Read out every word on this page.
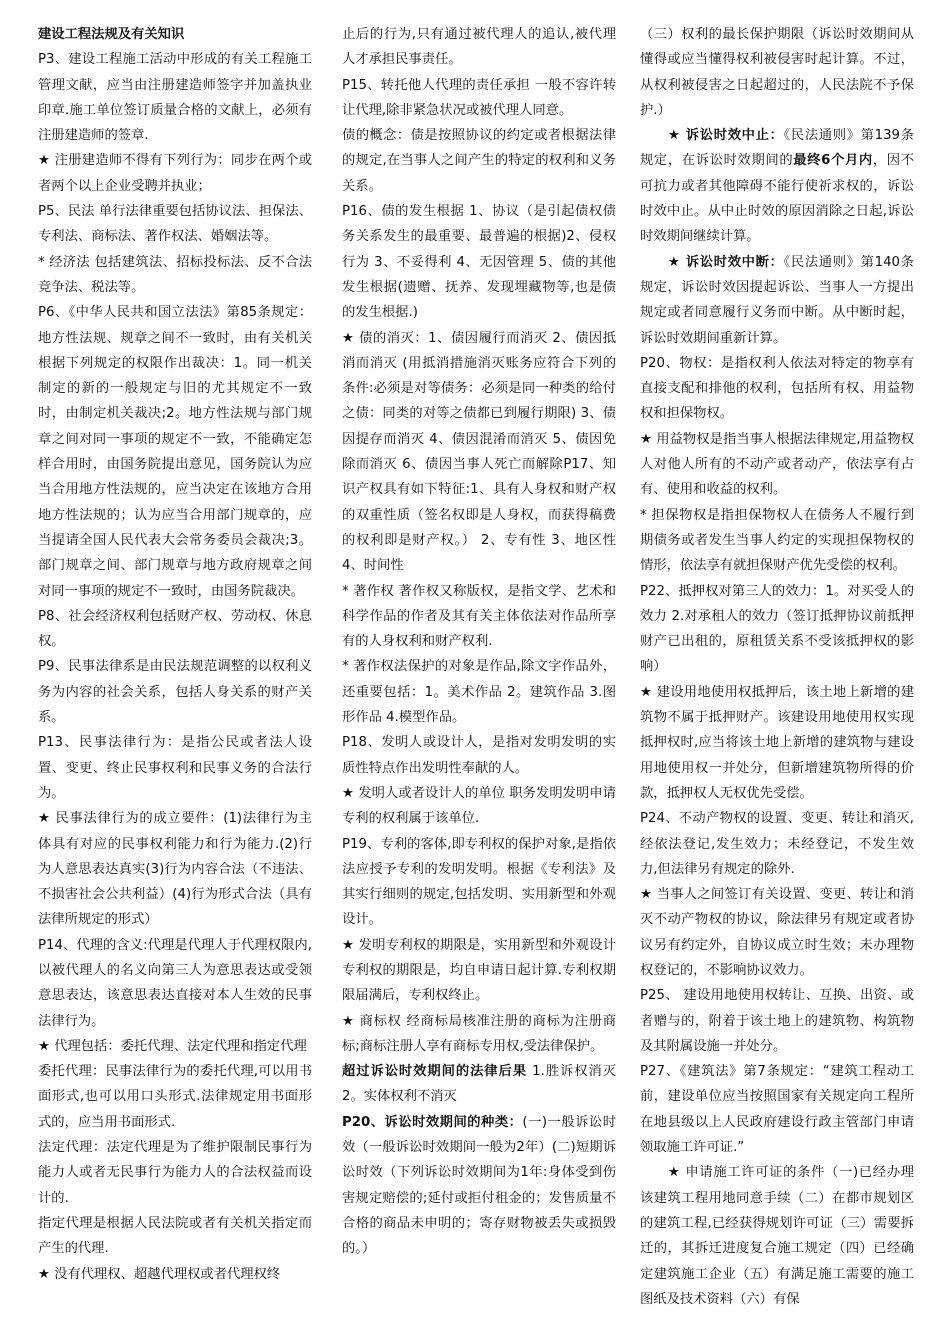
建设工程法规及有关知识

P3、建设工程施工活动中形成的有关工程施工管理文献，应当由注册建造师签字并加盖执业印章.施工单位签订质量合格的文献上，必须有注册建造师的签章.

★ 注册建造师不得有下列行为：同步在两个或者两个以上企业受聘并执业；

P5、民法 单行法律重要包括协议法、担保法、专利法、商标法、著作权法、婚姻法等。

* 经济法 包括建筑法、招标投标法、反不合法竞争法、税法等。

P6、《中华人民共和国立法法》第85条规定：地方性法规、规章之间不一致时，由有关机关根据下列规定的权限作出裁决：1。同一机关制定的新的一般规定与旧的尤其规定不一致时，由制定机关裁决;2。地方性法规与部门规章之间对同一事项的规定不一致，不能确定怎样合用时，由国务院提出意见，国务院认为应当合用地方性法规的，应当决定在该地方合用地方性法规的；认为应当合用部门规章的，应当提请全国人民代表大会常务委员会裁决;3。部门规章之间、部门规章与地方政府规章之间对同一事项的规定不一致时，由国务院裁决。

P8、社会经济权利包括财产权、劳动权、休息权。

P9、民事法律系是由民法规范调整的以权利义务为内容的社会关系，包括人身关系的财产关系。

P13、民事法律行为：是指公民或者法人设置、变更、终止民事权利和民事义务的合法行为。

★ 民事法律行为的成立要件：(1)法律行为主体具有对应的民事权利能力和行为能力.(2)行为人意思表达真实(3)行为内容合法（不违法、不损害社会公共利益）(4)行为形式合法（具有法律所规定的形式）

P14、代理的含义:代理是代理人于代理权限内,以被代理人的名义向第三人为意思表达或受领意思表达，该意思表达直接对本人生效的民事法律行为。

★ 代理包括：委托代理、法定代理和指定代理

委托代理：民事法律行为的委托代理,可以用书面形式,也可以用口头形式.法律规定用书面形式的，应当用书面形式.

法定代理：法定代理是为了维护限制民事行为能力人或者无民事行为能力人的合法权益而设计的.

指定代理是根据人民法院或者有关机关指定而产生的代理.

★ 没有代理权、超越代理权或者代理权终

止后的行为,只有通过被代理人的追认,被代理人才承担民事责任。

P15、转托他人代理的责任承担 一般不容许转让代理,除非紧急状况或被代理人同意。

债的概念：债是按照协议的约定或者根据法律的规定,在当事人之间产生的特定的权利和义务关系。

P16、债的发生根据 1、协议（是引起债权债务关系发生的最重要、最普遍的根据)2、侵权行为 3、不妥得利 4、无因管理 5、债的其他发生根据(遗赠、抚养、发现埋藏物等,也是债的发生根据.)

★ 债的消灭：1、债因履行而消灭 2、债因抵消而消灭 (用抵消措施消灭账务应符合下列的条件:必须是对等债务：必须是同一种类的给付之债：同类的对等之债都已到履行期限) 3、债因提存而消灭 4、债因混淆而消灭 5、债因免除而消灭 6、债因当事人死亡而解除P17、知识产权具有如下特征:1、具有人身权和财产权的双重性质（签名权即是人身权，而获得稿费的权利即是财产权。） 2、专有性 3、地区性 4、时间性

* 著作权 著作权又称版权，是指文学、艺术和科学作品的作者及其有关主体依法对作品所享有的人身权利和财产权利.

* 著作权法保护的对象是作品,除文字作品外，还重要包括：1。美术作品 2。建筑作品 3.图形作品 4.模型作品。

P18、发明人或设计人，是指对发明发明的实质性特点作出发明性奉献的人。

★ 发明人或者设计人的单位 职务发明发明申请专利的权利属于该单位.

P19、专利的客体,即专利权的保护对象,是指依法应授予专利的发明发明。根据《专利法》及其实行细则的规定,包括发明、实用新型和外观设计。

★ 发明专利权的期限是，实用新型和外观设计专利权的期限是，均自申请日起计算.专利权期限届满后，专利权终止。

★ 商标权 经商标局核准注册的商标为注册商标;商标注册人享有商标专用权,受法律保护。

超过诉讼时效期间的法律后果 1.胜诉权消灭 2。实体权利不消灭

P20、诉讼时效期间的种类：(一)一般诉讼时效（一般诉讼时效期间一般为2年）(二)短期诉讼时效（下列诉讼时效期间为1年:身体受到伤害规定赔偿的;延付或拒付租金的；发售质量不合格的商品未申明的；寄存财物被丢失或损毁的。）

（三）权利的最长保护期限（诉讼时效期间从懂得或应当懂得权利被侵害时起计算。不过，从权利被侵害之日起超过的，人民法院不予保护.）

★ 诉讼时效中止：《民法通则》第139条规定，在诉讼时效期间的最终6个月内，因不可抗力或者其他障碍不能行使祈求权的，诉讼时效中止。从中止时效的原因消除之日起,诉讼时效期间继续计算。

★ 诉讼时效中断：《民法通则》第140条规定，诉讼时效因提起诉讼、当事人一方提出规定或者同意履行义务而中断。从中断时起，诉讼时效期间重新计算。

P20、物权：是指权利人依法对特定的物享有直接支配和排他的权利，包括所有权、用益物权和担保物权。

★ 用益物权是指当事人根据法律规定,用益物权人对他人所有的不动产或者动产，依法享有占有、使用和收益的权利。

* 担保物权是指担保物权人在债务人不履行到期债务或者发生当事人约定的实现担保物权的情形，依法享有就担保财产优先受偿的权利。

P22、抵押权对第三人的效力：1。对买受人的效力 2.对承租人的效力（签订抵押协议前抵押财产已出租的，原租赁关系不受该抵押权的影响）

★ 建设用地使用权抵押后，该土地上新增的建筑物不属于抵押财产。该建设用地使用权实现抵押权时,应当将该土地上新增的建筑物与建设用地使用权一并处分，但新增建筑物所得的价款，抵押权人无权优先受偿。

P24、不动产物权的设置、变更、转让和消灭,经依法登记,发生效力；未经登记，不发生效力,但法律另有规定的除外.

★ 当事人之间签订有关设置、变更、转让和消灭不动产物权的协议，除法律另有规定或者协议另有约定外，自协议成立时生效；未办理物权登记的，不影响协议效力。

P25、 建设用地使用权转让、互换、出资、或者赠与的，附着于该土地上的建筑物、构筑物及其附属设施一并处分。

P27、《建筑法》第7条规定：“建筑工程动工前，建设单位应当按照国家有关规定向工程所在地县级以上人民政府建设行政主管部门申请领取施工许可证.”

★ 申请施工许可证的条件（一)已经办理该建筑工程用地同意手续（二）在都市规划区的建筑工程,已经获得规划许可证（三）需要拆迁的，其拆迁进度复合施工规定（四）已经确定建筑施工企业（五）有满足施工需要的施工图纸及技术资料（六）有保
